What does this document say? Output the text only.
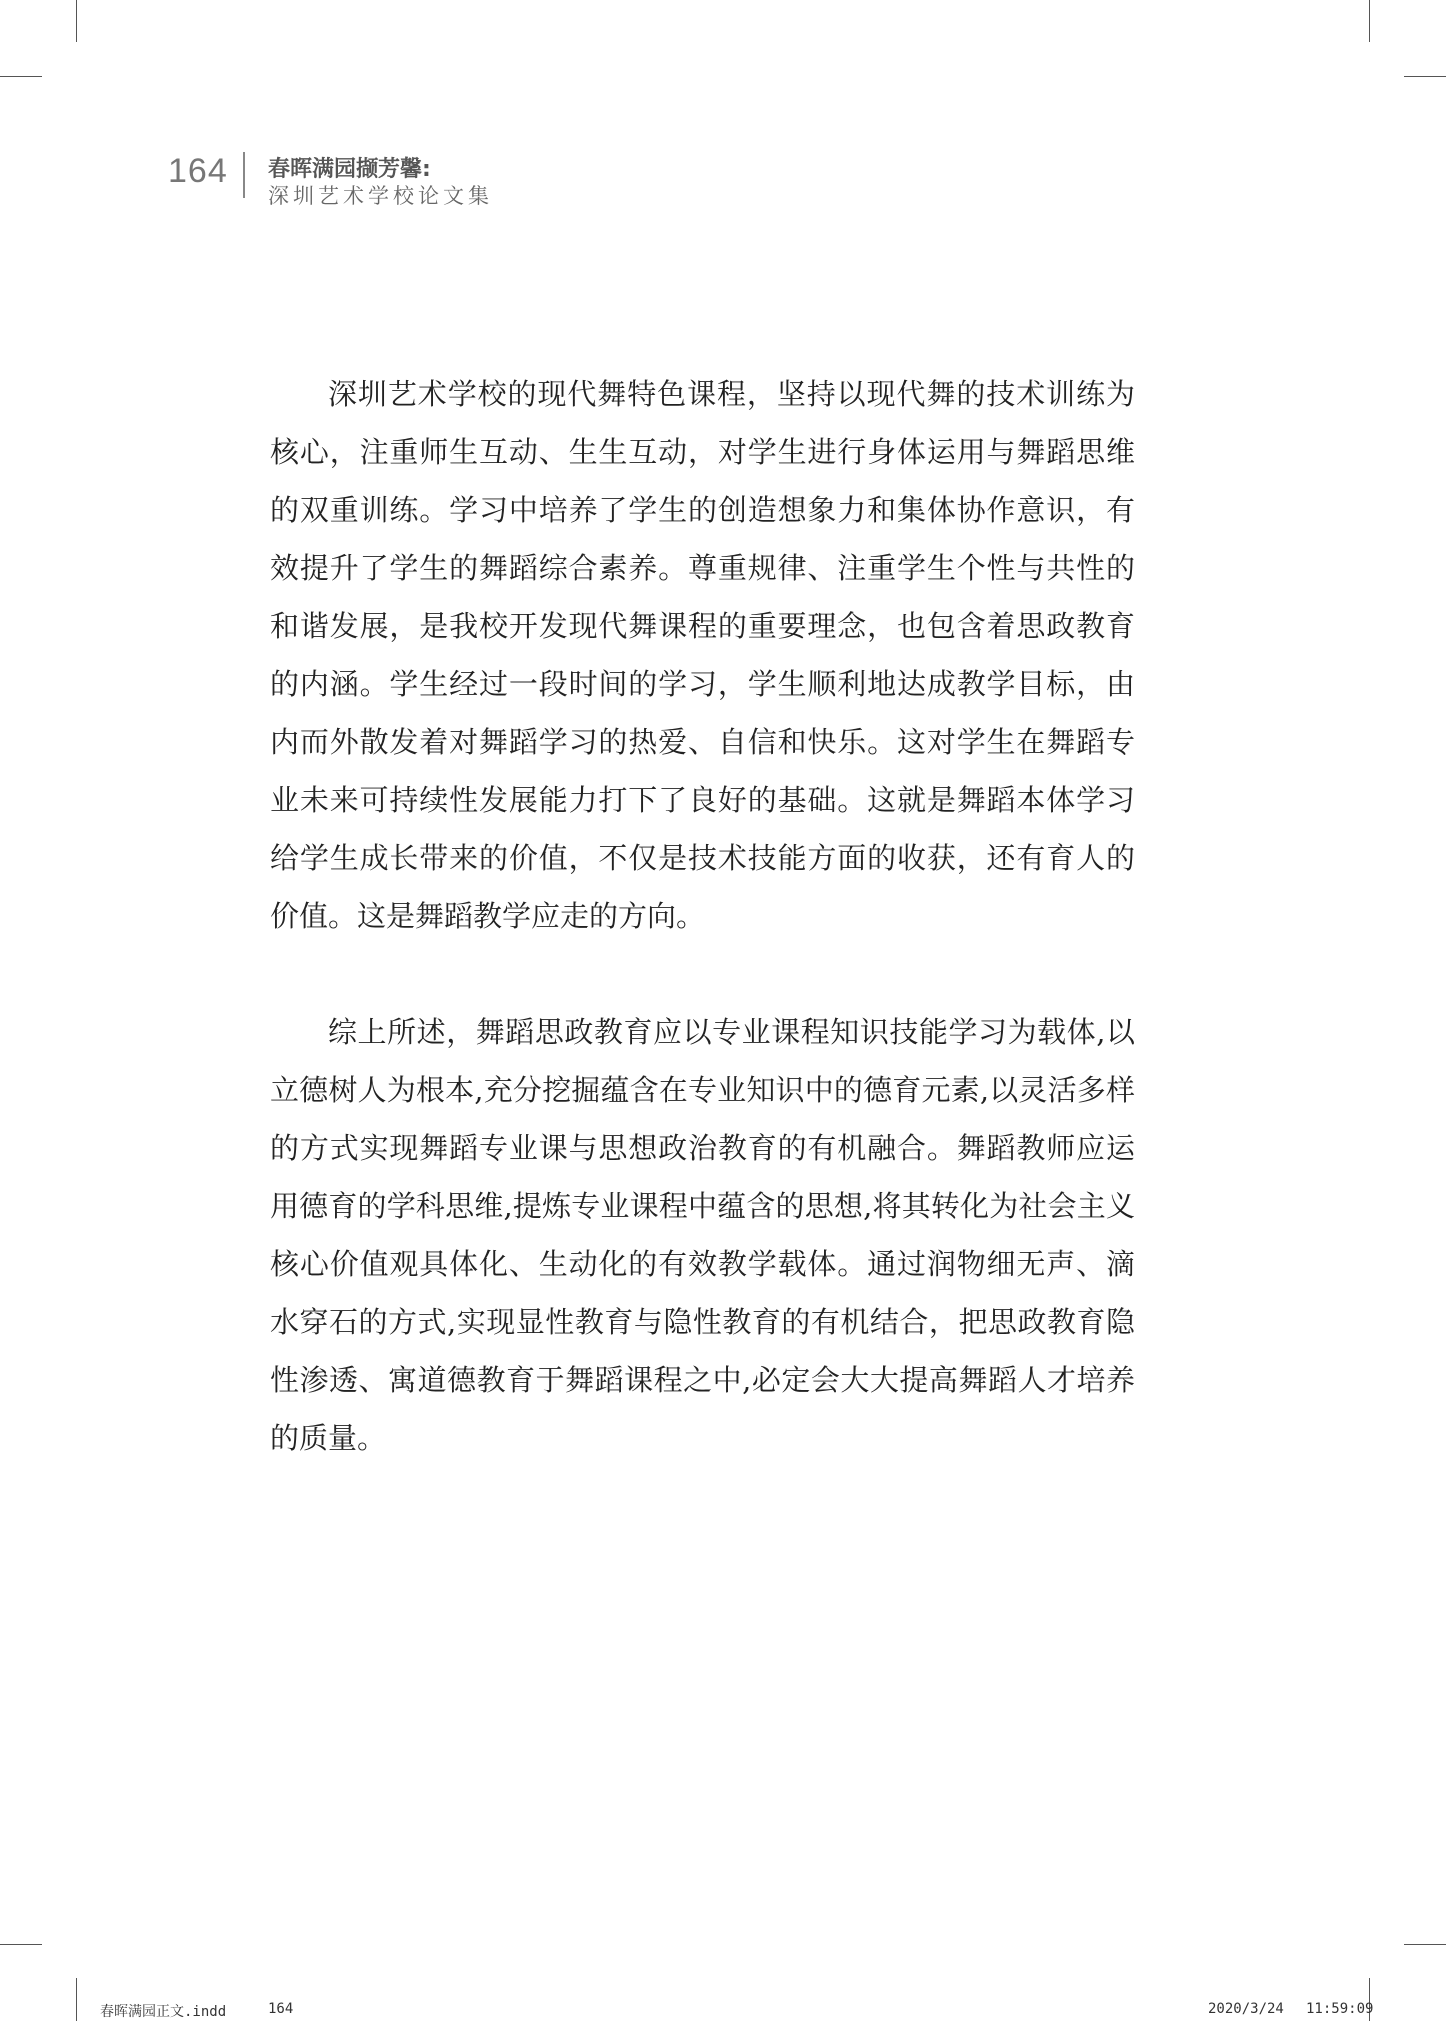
164 春晖满园撷芳馨:
深圳艺术学校论文集

深圳艺术学校的现代舞特色课程，坚持以现代舞的技术训练为核心，注重师生互动、生生互动，对学生进行身体运用与舞蹈思维的双重训练。学习中培养了学生的创造想象力和集体协作意识，有效提升了学生的舞蹈综合素养。尊重规律、注重学生个性与共性的和谐发展，是我校开发现代舞课程的重要理念，也包含着思政教育的内涵。学生经过一段时间的学习，学生顺利地达成教学目标，由内而外散发着对舞蹈学习的热爱、自信和快乐。这对学生在舞蹈专业未来可持续性发展能力打下了良好的基础。这就是舞蹈本体学习给学生成长带来的价值，不仅是技术技能方面的收获，还有育人的价值。这是舞蹈教学应走的方向。

综上所述，舞蹈思政教育应以专业课程知识技能学习为载体,以立德树人为根本,充分挖掘蕴含在专业知识中的德育元素,以灵活多样的方式实现舞蹈专业课与思想政治教育的有机融合。舞蹈教师应运用德育的学科思维,提炼专业课程中蕴含的思想,将其转化为社会主义核心价值观具体化、生动化的有效教学载体。通过润物细无声、滴水穿石的方式,实现显性教育与隐性教育的有机结合，把思政教育隐性渗透、寓道德教育于舞蹈课程之中,必定会大大提高舞蹈人才培养的质量。

春晖满园正文.indd	164	2020/3/24 11:59:09
